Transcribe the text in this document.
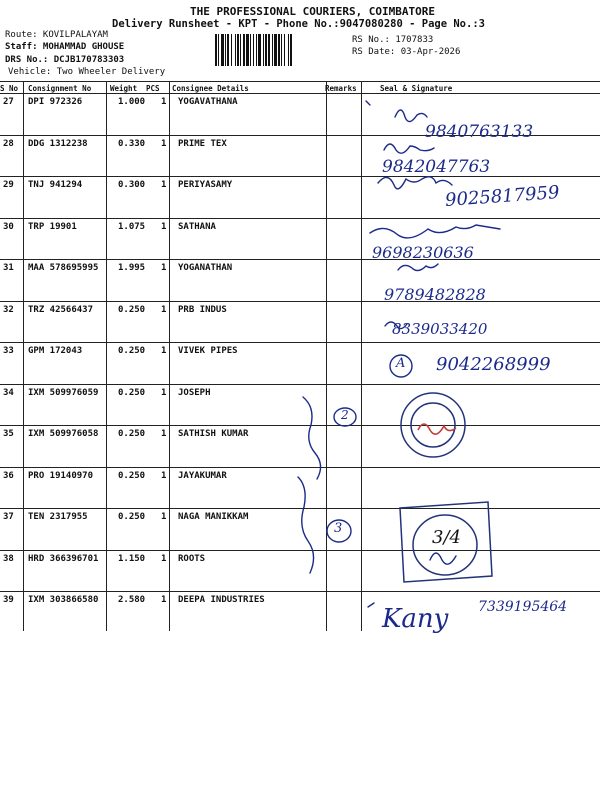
THE PROFESSIONAL COURIERS, COIMBATORE
Delivery Runsheet - KPT - Phone No.:9047080280 - Page No.:3
Route: KOVILPALAYAM
Staff: MOHAMMAD GHOUSE
DRS No.: DCJB170783303
Vehicle: Two Wheeler Delivery
RS No.: 1707833
RS Date: 03-Apr-2026
S No Consignment No	Weight PCS Consignee Details	Remarks	Seal & Signature
27 DPI 972326	1.000 1 YOGAVATHANA
28 DDG 1312238	0.330 1 PRIME TEX
29 TNJ 941294	0.300 1 PERIYASAMY
30 TRP 19901	1.075 1 SATHANA
31 MAA 578695995 1.995 1 YOGANATHAN
32 TRZ 42566437	0.250 1 PRB INDUS
33 GPM 172043	0.250 1 VIVEK PIPES
34 IXM 509976059 0.250 1 JOSEPH
35 IXM 509976058 0.250 1 SATHISH KUMAR
36 PRO 19140970	0.250 1 JAYAKUMAR
37 TEN 2317955	0.250 1 NAGA MANIKKAM
38 HRD 366396701 1.150 1 ROOTS
39 IXM 303866580 2.580 1 DEEPA INDUSTRIES
9840763133
9842047763
9025817959
9698230636
9789482828
8339033420
9042268999
7339195464
Kany
A
2
3	3/4
